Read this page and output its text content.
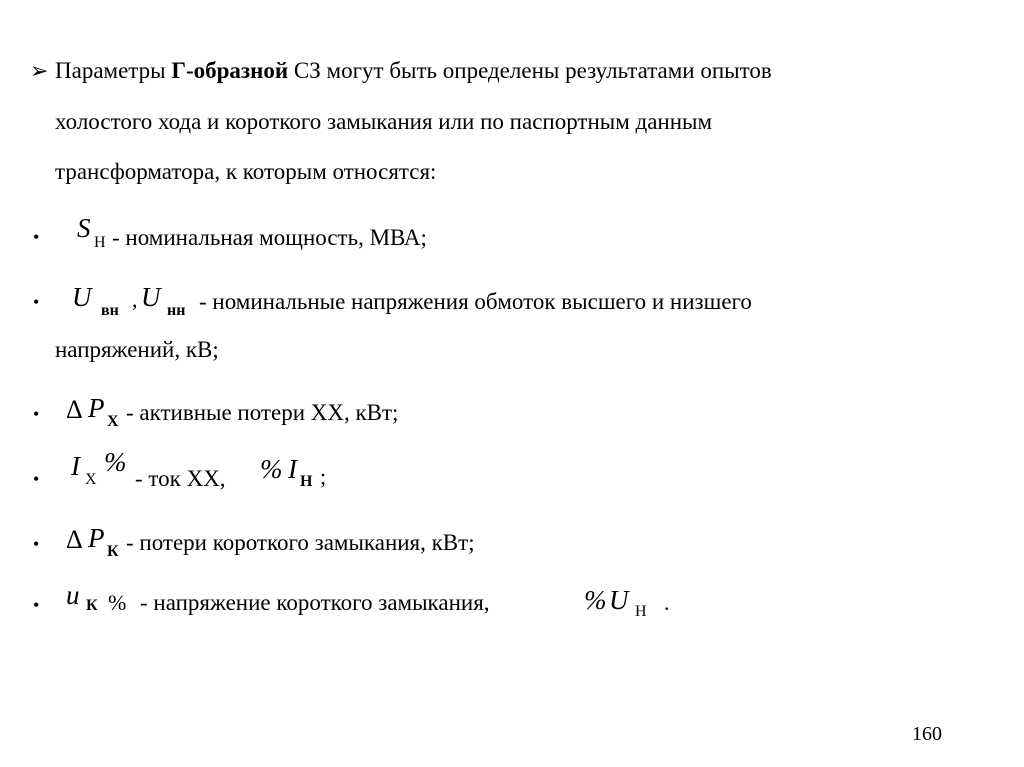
➢ Параметры Г-образной СЗ могут быть определены результатами опытов
холостого хода и короткого замыкания или по паспортным данным
трансформатора, к которым относятся:
• S Н - номинальная мощность, МВА;
• U вн , U нн - номинальные напряжения обмоток высшего и низшего
напряжений, кВ;
• Δ P Х - активные потери ХХ, кВт;
• I Х
%
- ток ХХ, % I Н ;
• Δ P К - потери короткого замыкания, кВт;
• u К % - напряжение короткого замыкания,	% U Н .
160
